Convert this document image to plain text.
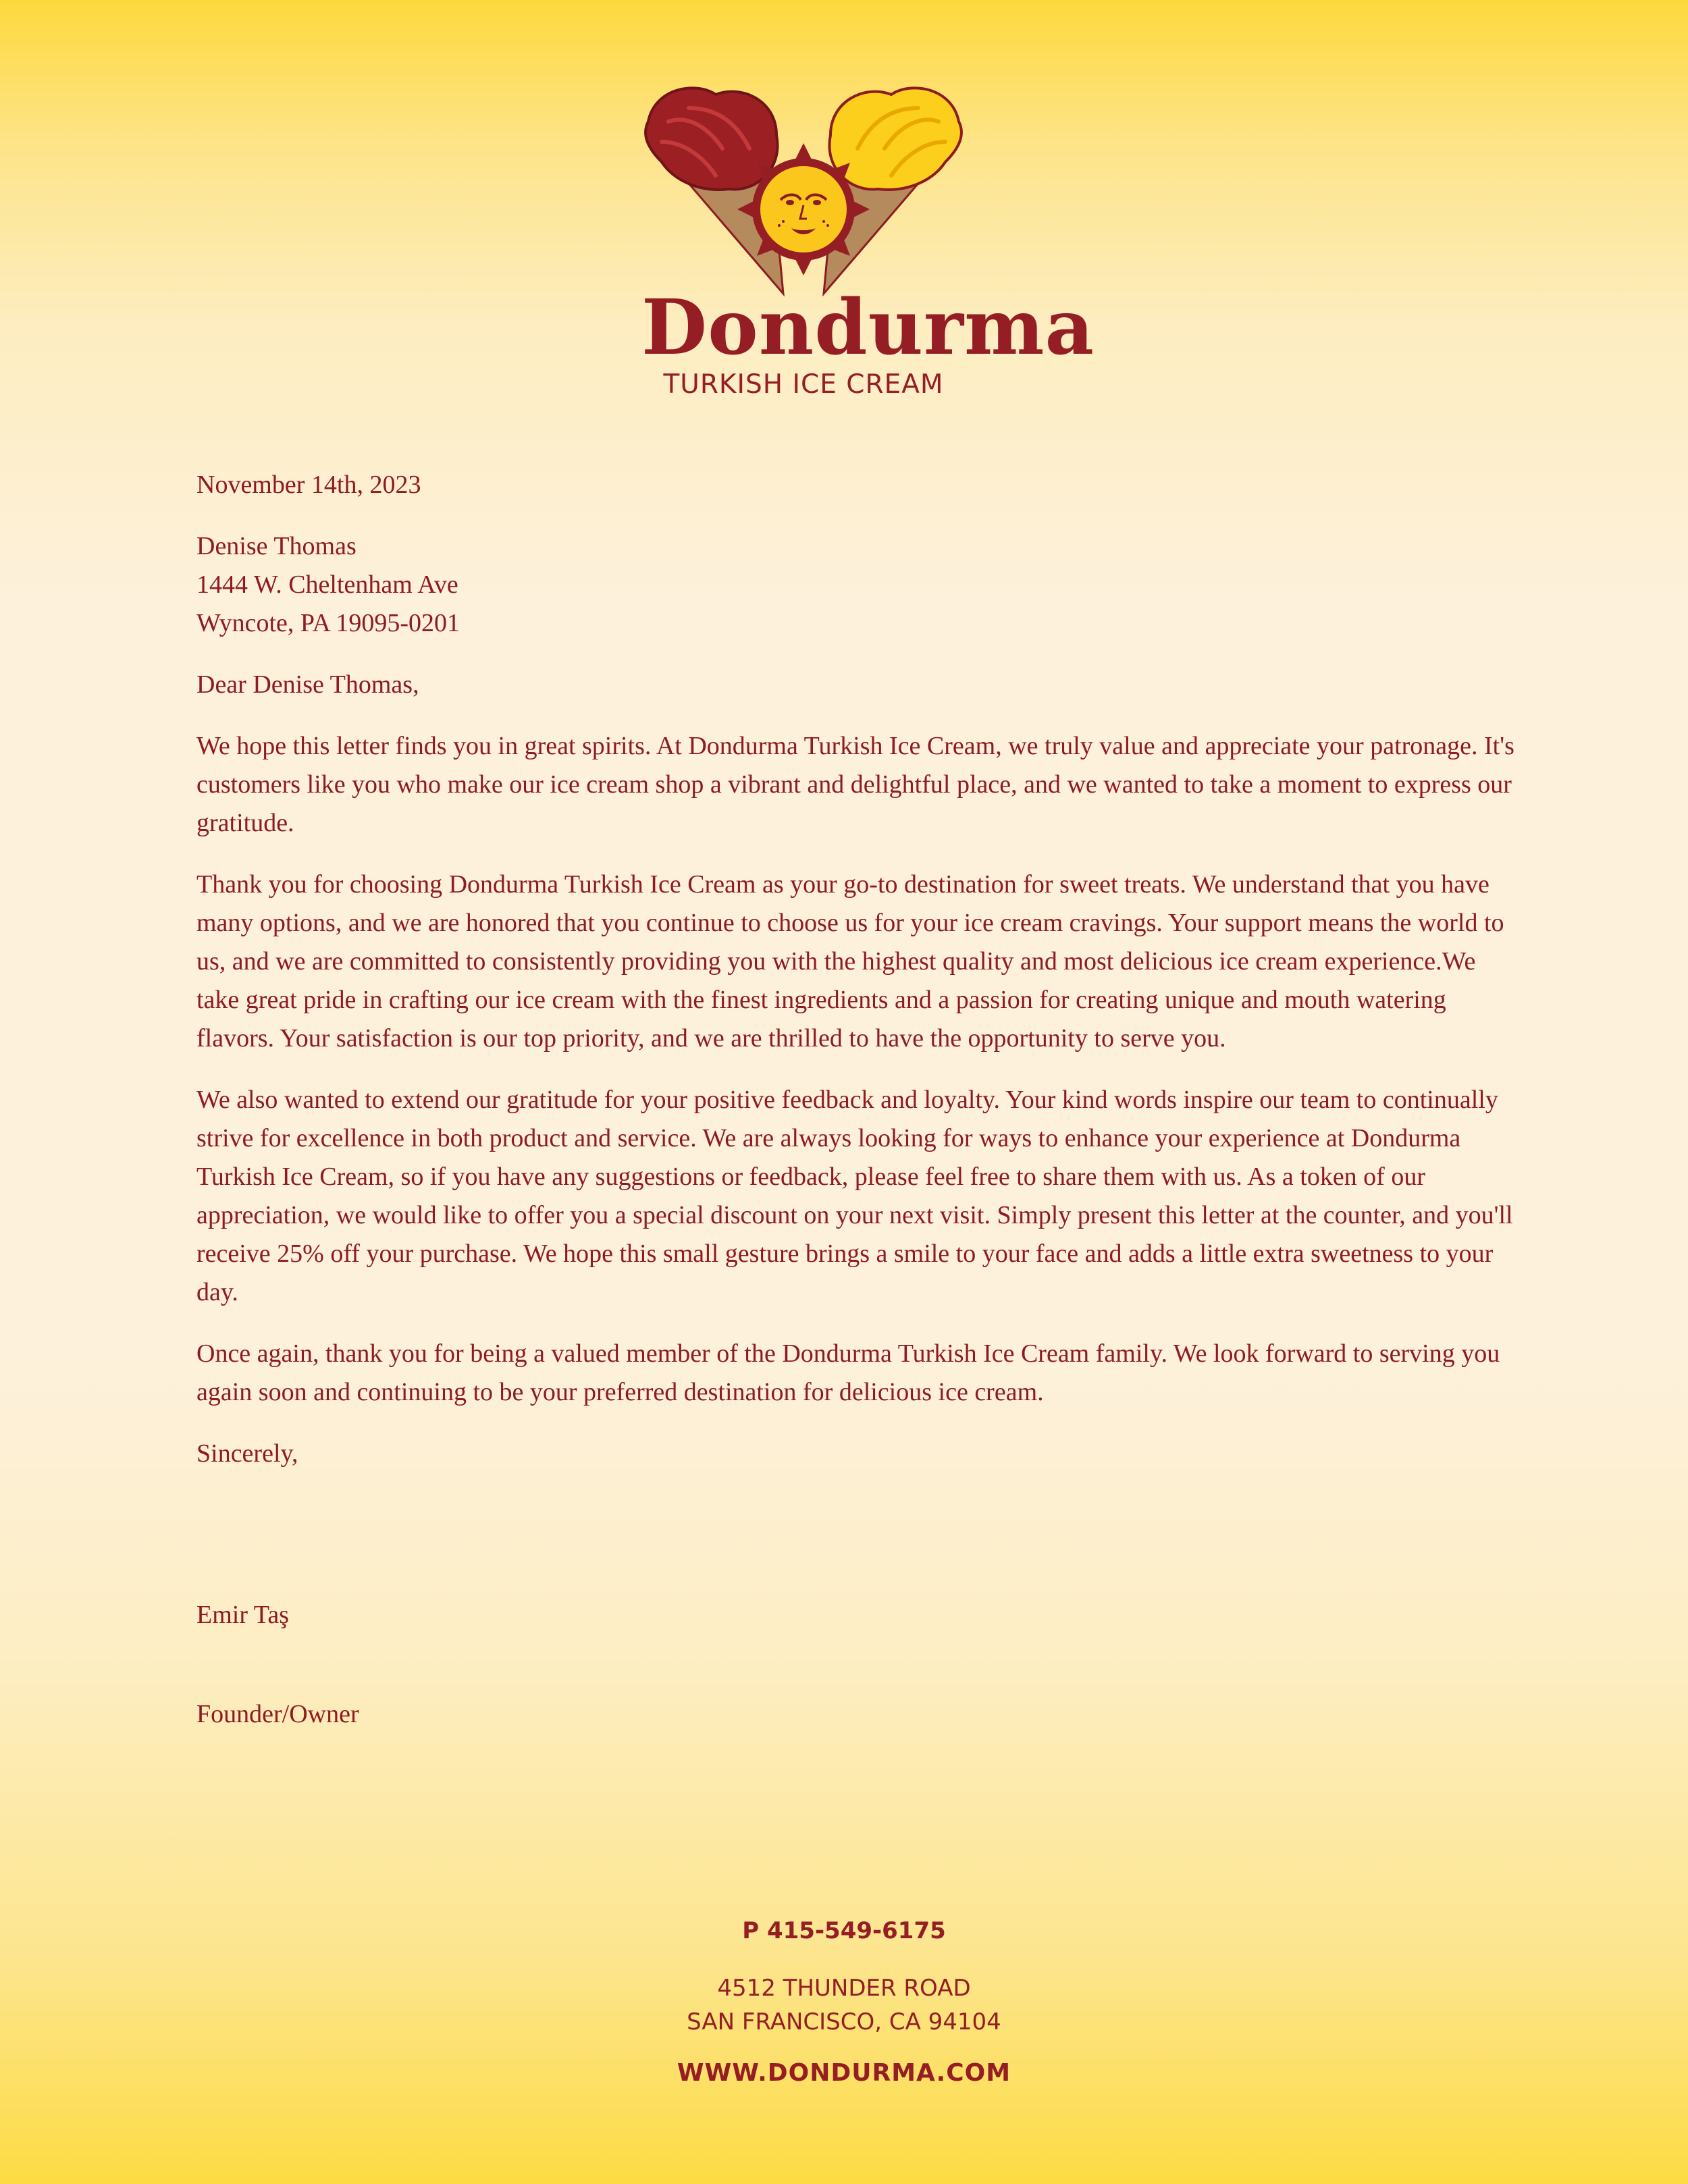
Dondurma
TURKISH ICE CREAM

November 14th, 2023

Denise Thomas

1444 W. Cheltenham Ave

Wyncote, PA 19095-0201

Dear Denise Thomas,

We hope this letter finds you in great spirits. At Dondurma Turkish Ice Cream, we truly value and appreciate your patronage. It's customers like you who make our ice cream shop a vibrant and delightful place, and we wanted to take a moment to express our gratitude.

Thank you for choosing Dondurma Turkish Ice Cream as your go-to destination for sweet treats. We understand that you have many options, and we are honored that you continue to choose us for your ice cream cravings. Your support means the world to us, and we are committed to consistently providing you with the highest quality and most delicious ice cream experience.We take great pride in crafting our ice cream with the finest ingredients and a passion for creating unique and mouth watering flavors. Your satisfaction is our top priority, and we are thrilled to have the opportunity to serve you.

We also wanted to extend our gratitude for your positive feedback and loyalty. Your kind words inspire our team to continually strive for excellence in both product and service. We are always looking for ways to enhance your experience at Dondurma Turkish Ice Cream, so if you have any suggestions or feedback, please feel free to share them with us. As a token of our appreciation, we would like to offer you a special discount on your next visit. Simply present this letter at the counter, and you'll receive 25% off your purchase. We hope this small gesture brings a smile to your face and adds a little extra sweetness to your day.

Once again, thank you for being a valued member of the Dondurma Turkish Ice Cream family. We look forward to serving you again soon and continuing to be your preferred destination for delicious ice cream.

Sincerely,

Emir Taş

Founder/Owner

P 415-549-6175
4512 THUNDER ROAD
SAN FRANCISCO, CA 94104
WWW.DONDURMA.COM
